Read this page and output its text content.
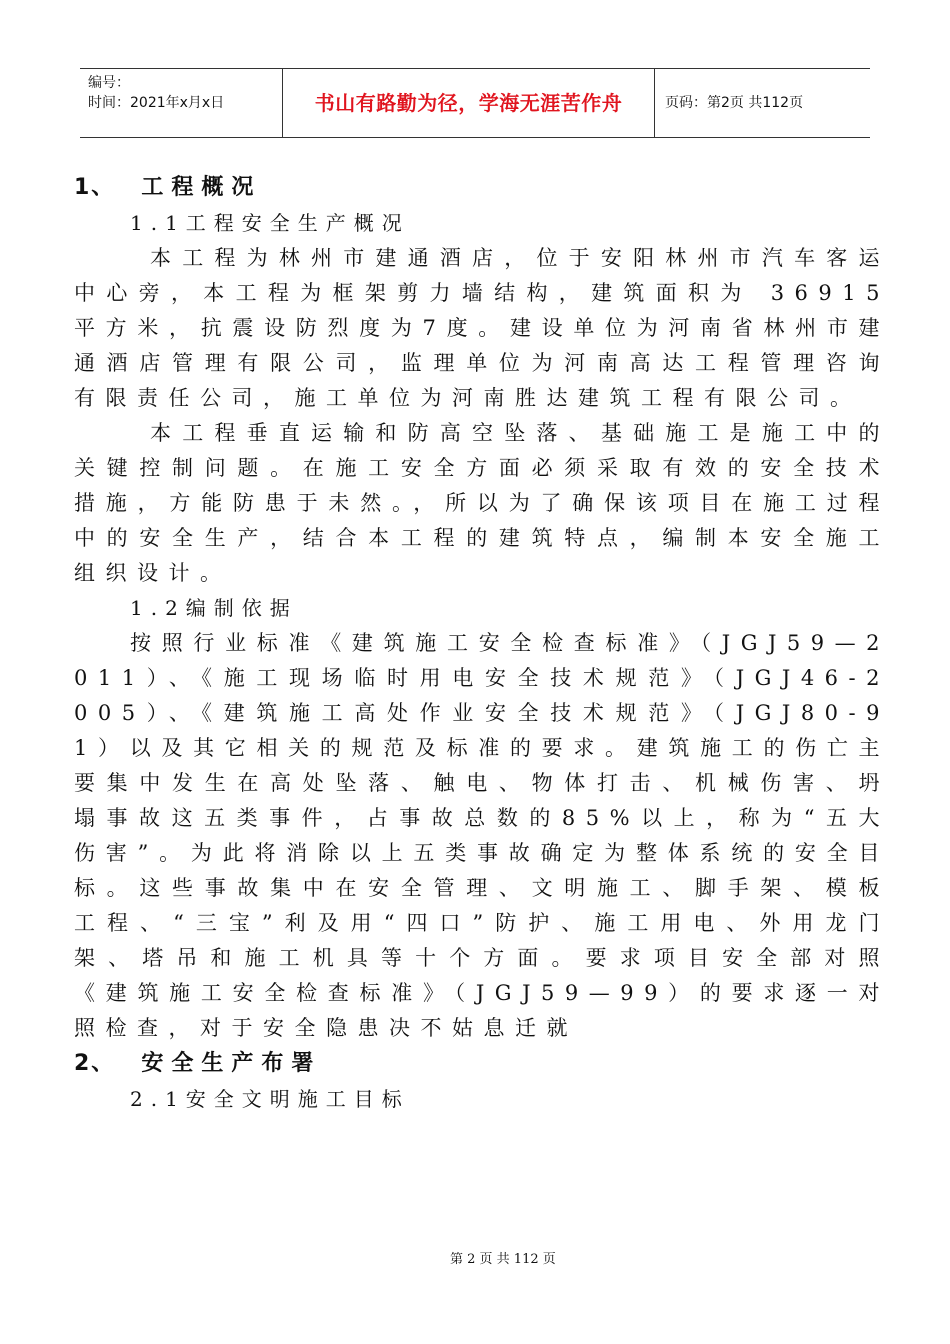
编号：
时间：2021年x月x日	书山有路勤为径，学海无涯苦作舟	页码：第2页 共112页
1、 工程概况
1.1工程安全生产概况
本工程为林州市建通酒店，位于安阳林州市汽车客运中心旁，本工程为框架剪力墙结构，建筑面积为 36915平方米，抗震设防烈度为7度。建设单位为河南省林州市建通酒店管理有限公司，监理单位为河南高达工程管理咨询有限责任公司，施工单位为河南胜达建筑工程有限公司。
本工程垂直运输和防高空坠落、基础施工是施工中的关键控制问题。在施工安全方面必须采取有效的安全技术措施，方能防患于未然。，所以为了确保该项目在施工过程中的安全生产，结合本工程的建筑特点，编制本安全施工组织设计。
1.2编制依据
按照行业标准《建筑施工安全检查标准》（JGJ59—2011）、《施工现场临时用电安全技术规范》（JGJ46-2005）、《建筑施工高处作业安全技术规范》（JGJ80-91）以及其它相关的规范及标准的要求。建筑施工的伤亡主要集中发生在高处坠落、触电、物体打击、机械伤害、坍塌事故这五类事件，占事故总数的85%以上，称为“五大伤害”。为此将消除以上五类事故确定为整体系统的安全目标。这些事故集中在安全管理、文明施工、脚手架、模板工程、“三宝”利及用“四口”防护、施工用电、外用龙门架、塔吊和施工机具等十个方面。要求项目安全部对照《建筑施工安全检查标准》（JGJ59—99）的要求逐一对照检查，对于安全隐患决不姑息迁就
2、 安全生产布署
2.1安全文明施工目标
第 2 页 共 112 页
